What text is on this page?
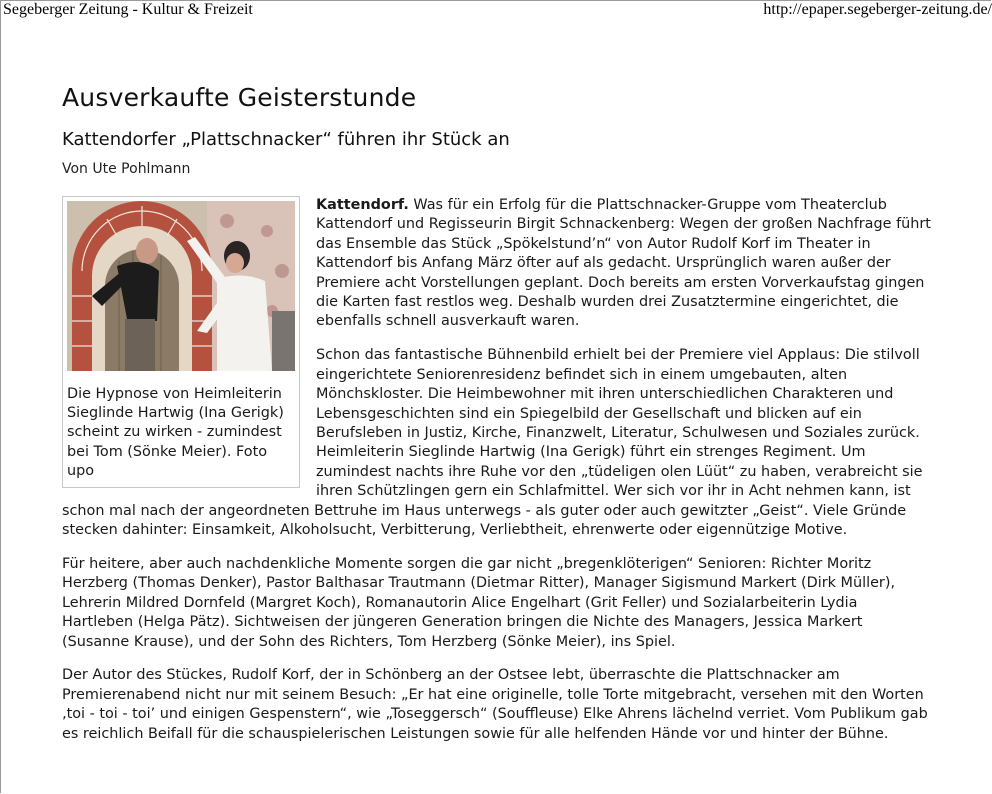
Segeberger Zeitung - Kultur & Freizeit	http://epaper.segeberger-zeitung.de/
Ausverkaufte Geisterstunde
Kattendorfer „Plattschnacker“ führen ihr Stück an
Von Ute Pohlmann
Die Hypnose von Heimleiterin Sieglinde Hartwig (Ina Gerigk) scheint zu wirken - zumindest bei Tom (Sönke Meier). Foto upo

Kattendorf. Was für ein Erfolg für die Plattschnacker-Gruppe vom Theaterclub Kattendorf und Regisseurin Birgit Schnackenberg: Wegen der großen Nachfrage führt das Ensemble das Stück „Spökelstund’n“ von Autor Rudolf Korf im Theater in Kattendorf bis Anfang März öfter auf als gedacht. Ursprünglich waren außer der Premiere acht Vorstellungen geplant. Doch bereits am ersten Vorverkaufstag gingen die Karten fast restlos weg. Deshalb wurden drei Zusatztermine eingerichtet, die ebenfalls schnell ausverkauft waren.

Schon das fantastische Bühnenbild erhielt bei der Premiere viel Applaus: Die stilvoll eingerichtete Seniorenresidenz befindet sich in einem umgebauten, alten Mönchskloster. Die Heimbewohner mit ihren unterschiedlichen Charakteren und Lebensgeschichten sind ein Spiegelbild der Gesellschaft und blicken auf ein Berufsleben in Justiz, Kirche, Finanzwelt, Literatur, Schulwesen und Soziales zurück. Heimleiterin Sieglinde Hartwig (Ina Gerigk) führt ein strenges Regiment. Um zumindest nachts ihre Ruhe vor den „tüdeligen olen Lüüt“ zu haben, verabreicht sie ihren Schützlingen gern ein Schlafmittel. Wer sich vor ihr in Acht nehmen kann, ist schon mal nach der angeordneten Bettruhe im Haus unterwegs - als guter oder auch gewitzter „Geist“. Viele Gründe stecken dahinter: Einsamkeit, Alkoholsucht, Verbitterung, Verliebtheit, ehrenwerte oder eigennützige Motive.

Für heitere, aber auch nachdenkliche Momente sorgen die gar nicht „bregenklöterigen“ Senioren: Richter Moritz Herzberg (Thomas Denker), Pastor Balthasar Trautmann (Dietmar Ritter), Manager Sigismund Markert (Dirk Müller), Lehrerin Mildred Dornfeld (Margret Koch), Romanautorin Alice Engelhart (Grit Feller) und Sozialarbeiterin Lydia Hartleben (Helga Pätz). Sichtweisen der jüngeren Generation bringen die Nichte des Managers, Jessica Markert (Susanne Krause), und der Sohn des Richters, Tom Herzberg (Sönke Meier), ins Spiel.

Der Autor des Stückes, Rudolf Korf, der in Schönberg an der Ostsee lebt, überraschte die Plattschnacker am Premierenabend nicht nur mit seinem Besuch: „Er hat eine originelle, tolle Torte mitgebracht, versehen mit den Worten ‚toi - toi - toi’ und einigen Gespenstern“, wie „Toseggersch“ (Souffleuse) Elke Ahrens lächelnd verriet. Vom Publikum gab es reichlich Beifall für die schauspielerischen Leistungen sowie für alle helfenden Hände vor und hinter der Bühne.
